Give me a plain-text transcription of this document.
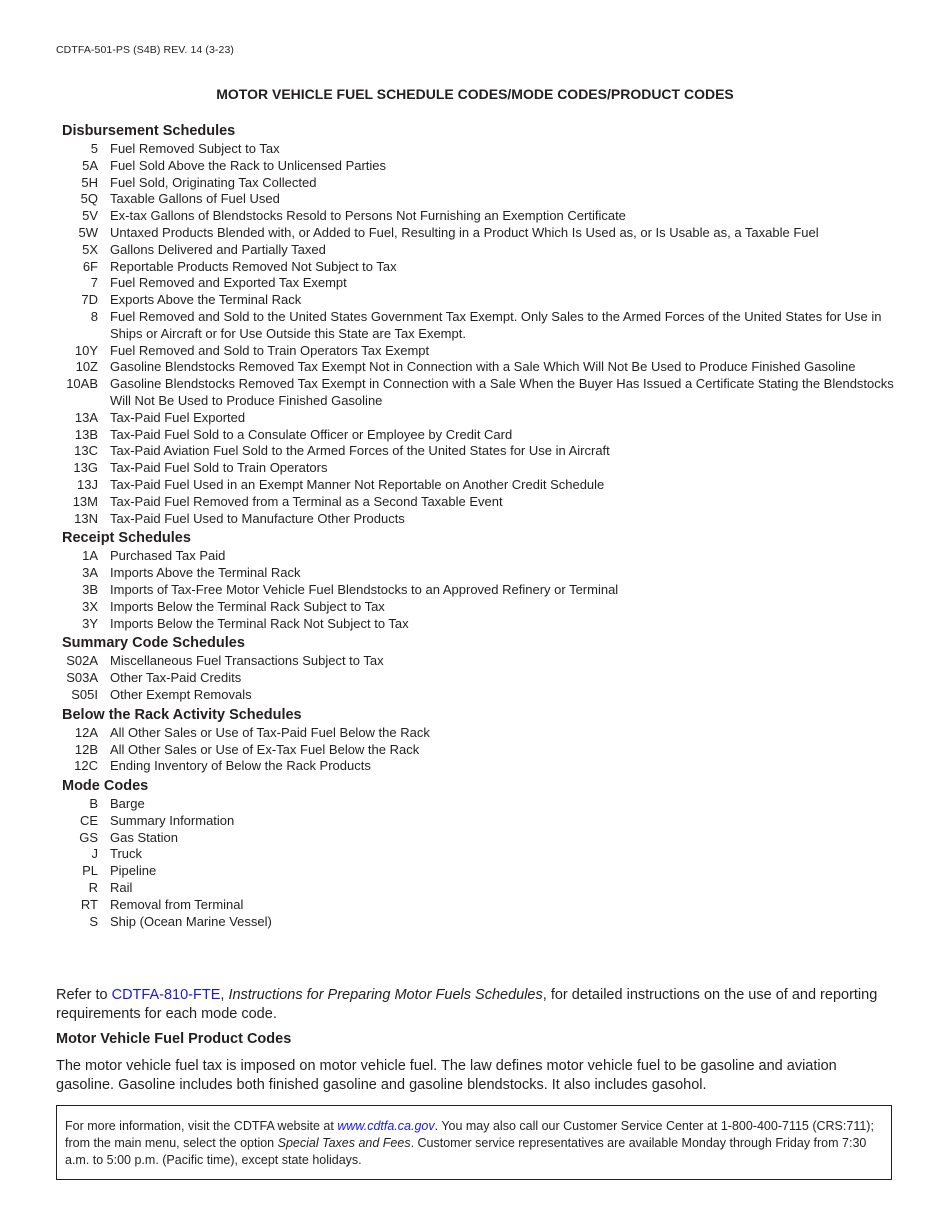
CDTFA-501-PS (S4B) REV. 14 (3-23)
MOTOR VEHICLE FUEL SCHEDULE CODES/MODE CODES/PRODUCT CODES
Disbursement Schedules
5 Fuel Removed Subject to Tax
5A Fuel Sold Above the Rack to Unlicensed Parties
5H Fuel Sold, Originating Tax Collected
5Q Taxable Gallons of Fuel Used
5V Ex-tax Gallons of Blendstocks Resold to Persons Not Furnishing an Exemption Certificate
5W Untaxed Products Blended with, or Added to Fuel, Resulting in a Product Which Is Used as, or Is Usable as, a Taxable Fuel
5X Gallons Delivered and Partially Taxed
6F Reportable Products Removed Not Subject to Tax
7 Fuel Removed and Exported Tax Exempt
7D Exports Above the Terminal Rack
8 Fuel Removed and Sold to the United States Government Tax Exempt. Only Sales to the Armed Forces of the United States for Use in Ships or Aircraft or for Use Outside this State are Tax Exempt.
10Y Fuel Removed and Sold to Train Operators Tax Exempt
10Z Gasoline Blendstocks Removed Tax Exempt Not in Connection with a Sale Which Will Not Be Used to Produce Finished Gasoline
10AB Gasoline Blendstocks Removed Tax Exempt in Connection with a Sale When the Buyer Has Issued a Certificate Stating the Blendstocks Will Not Be Used to Produce Finished Gasoline
13A Tax-Paid Fuel Exported
13B Tax-Paid Fuel Sold to a Consulate Officer or Employee by Credit Card
13C Tax-Paid Aviation Fuel Sold to the Armed Forces of the United States for Use in Aircraft
13G Tax-Paid Fuel Sold to Train Operators
13J Tax-Paid Fuel Used in an Exempt Manner Not Reportable on Another Credit Schedule
13M Tax-Paid Fuel Removed from a Terminal as a Second Taxable Event
13N Tax-Paid Fuel Used to Manufacture Other Products
Receipt Schedules
1A Purchased Tax Paid
3A Imports Above the Terminal Rack
3B Imports of Tax-Free Motor Vehicle Fuel Blendstocks to an Approved Refinery or Terminal
3X Imports Below the Terminal Rack Subject to Tax
3Y Imports Below the Terminal Rack Not Subject to Tax
Summary Code Schedules
S02A Miscellaneous Fuel Transactions Subject to Tax
S03A Other Tax-Paid Credits
S05I Other Exempt Removals
Below the Rack Activity Schedules
12A All Other Sales or Use of Tax-Paid Fuel Below the Rack
12B All Other Sales or Use of Ex-Tax Fuel Below the Rack
12C Ending Inventory of Below the Rack Products
Mode Codes
B Barge
CE Summary Information
GS Gas Station
J Truck
PL Pipeline
R Rail
RT Removal from Terminal
S Ship (Ocean Marine Vessel)
Refer to CDTFA-810-FTE, Instructions for Preparing Motor Fuels Schedules, for detailed instructions on the use of and reporting requirements for each mode code.
Motor Vehicle Fuel Product Codes
The motor vehicle fuel tax is imposed on motor vehicle fuel. The law defines motor vehicle fuel to be gasoline and aviation gasoline. Gasoline includes both finished gasoline and gasoline blendstocks. It also includes gasohol.
For more information, visit the CDTFA website at www.cdtfa.ca.gov. You may also call our Customer Service Center at 1-800-400-7115 (CRS:711); from the main menu, select the option Special Taxes and Fees. Customer service representatives are available Monday through Friday from 7:30 a.m. to 5:00 p.m. (Pacific time), except state holidays.
